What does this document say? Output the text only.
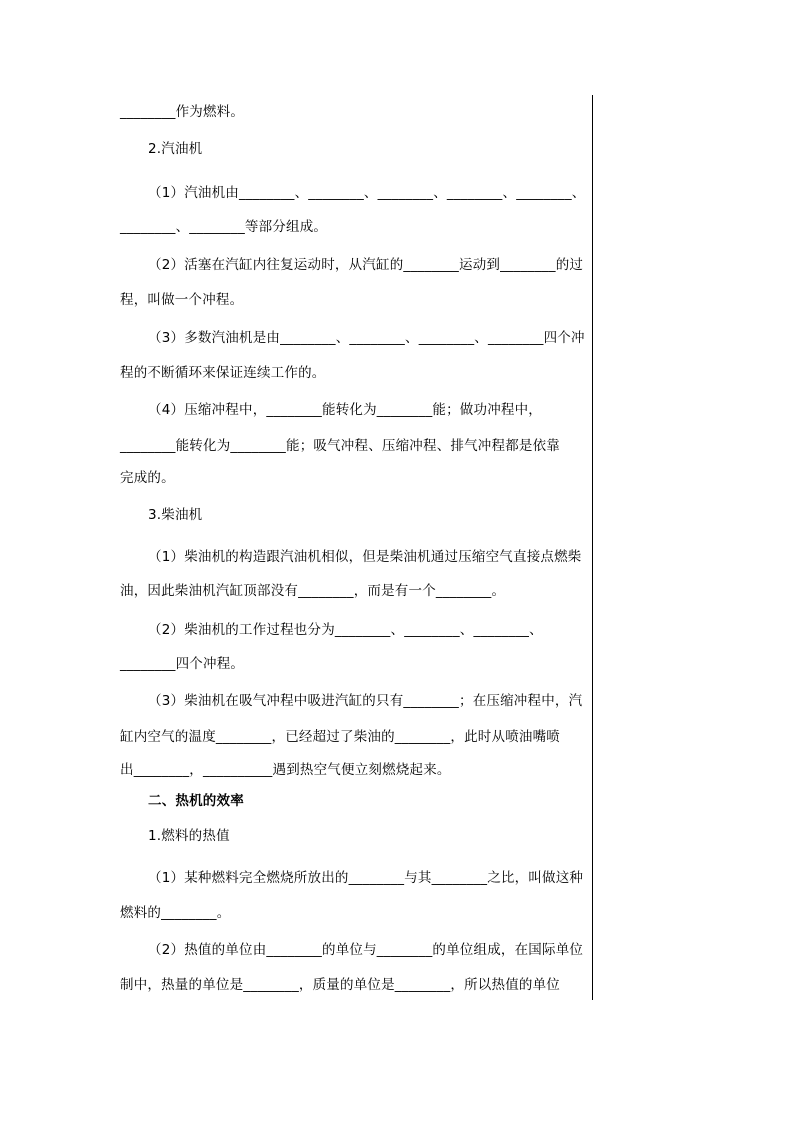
________作为燃料。
2.汽油机
（1）汽油机由________、________、________、________、________、
________、________等部分组成。
（2）活塞在汽缸内往复运动时，从汽缸的________运动到________的过
程，叫做一个冲程。
（3）多数汽油机是由________、________、________、________四个冲
程的不断循环来保证连续工作的。
（4）压缩冲程中，________能转化为________能；做功冲程中，
________能转化为________能；吸气冲程、压缩冲程、排气冲程都是依靠
完成的。
3.柴油机
（1）柴油机的构造跟汽油机相似，但是柴油机通过压缩空气直接点燃柴
油，因此柴油机汽缸顶部没有________，而是有一个________。
（2）柴油机的工作过程也分为________、________、________、
________四个冲程。
（3）柴油机在吸气冲程中吸进汽缸的只有________；在压缩冲程中，汽
缸内空气的温度________，已经超过了柴油的________，此时从喷油嘴喷
出________，__________遇到热空气便立刻燃烧起来。
二、热机的效率
1.燃料的热值
（1）某种燃料完全燃烧所放出的________与其________之比，叫做这种
燃料的________。
（2）热值的单位由________的单位与________的单位组成，在国际单位
制中，热量的单位是________，质量的单位是________，所以热值的单位
